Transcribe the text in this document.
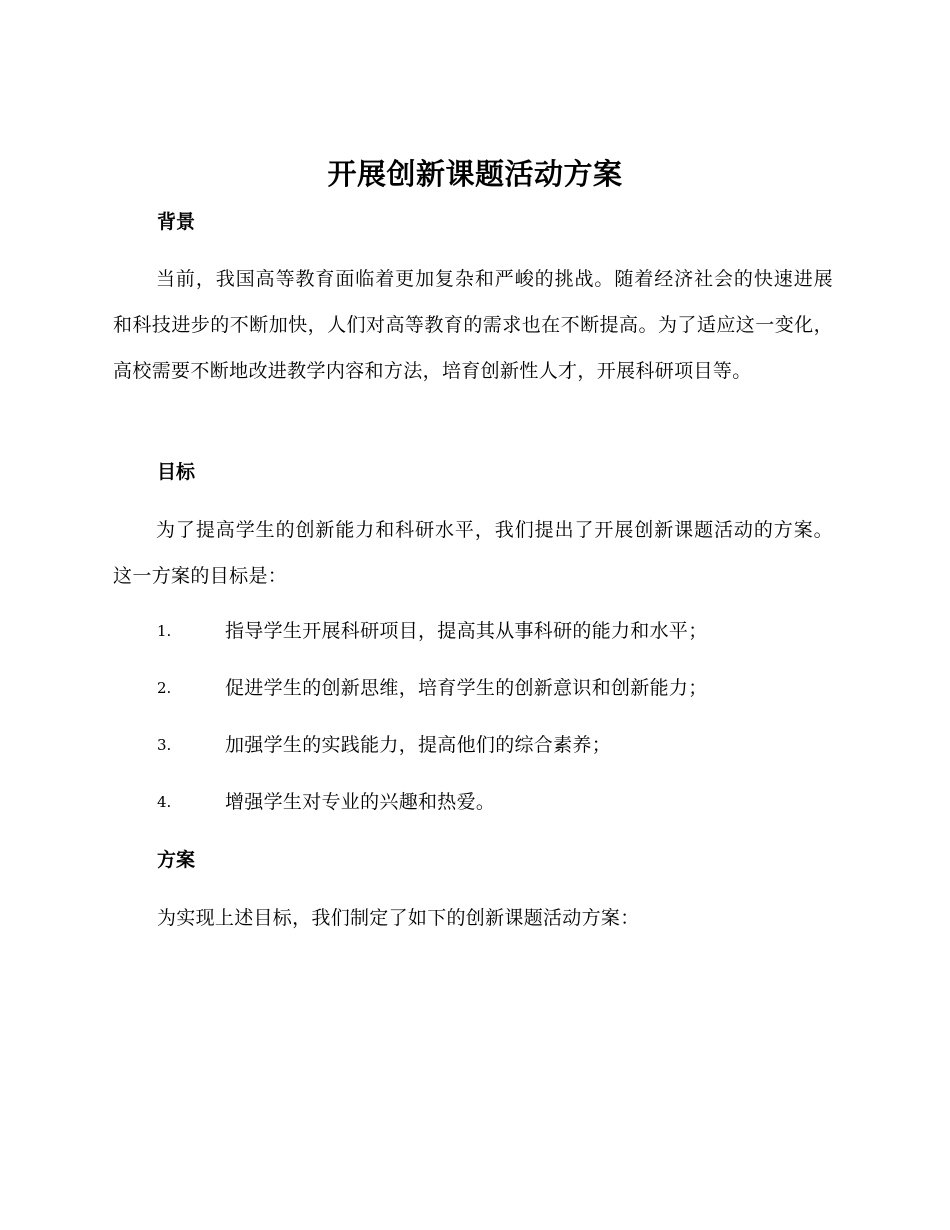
开展创新课题活动方案
背景

当前，我国高等教育面临着更加复杂和严峻的挑战。随着经济社会的快速进展和科技进步的不断加快，人们对高等教育的需求也在不断提高。为了适应这一变化，高校需要不断地改进教学内容和方法，培育创新性人才，开展科研项目等。

目标

为了提高学生的创新能力和科研水平，我们提出了开展创新课题活动的方案。这一方案的目标是：

1.	指导学生开展科研项目，提高其从事科研的能力和水平；
2.	促进学生的创新思维，培育学生的创新意识和创新能力；
3.	加强学生的实践能力，提高他们的综合素养；
4.	增强学生对专业的兴趣和热爱。
方案
为实现上述目标，我们制定了如下的创新课题活动方案：
